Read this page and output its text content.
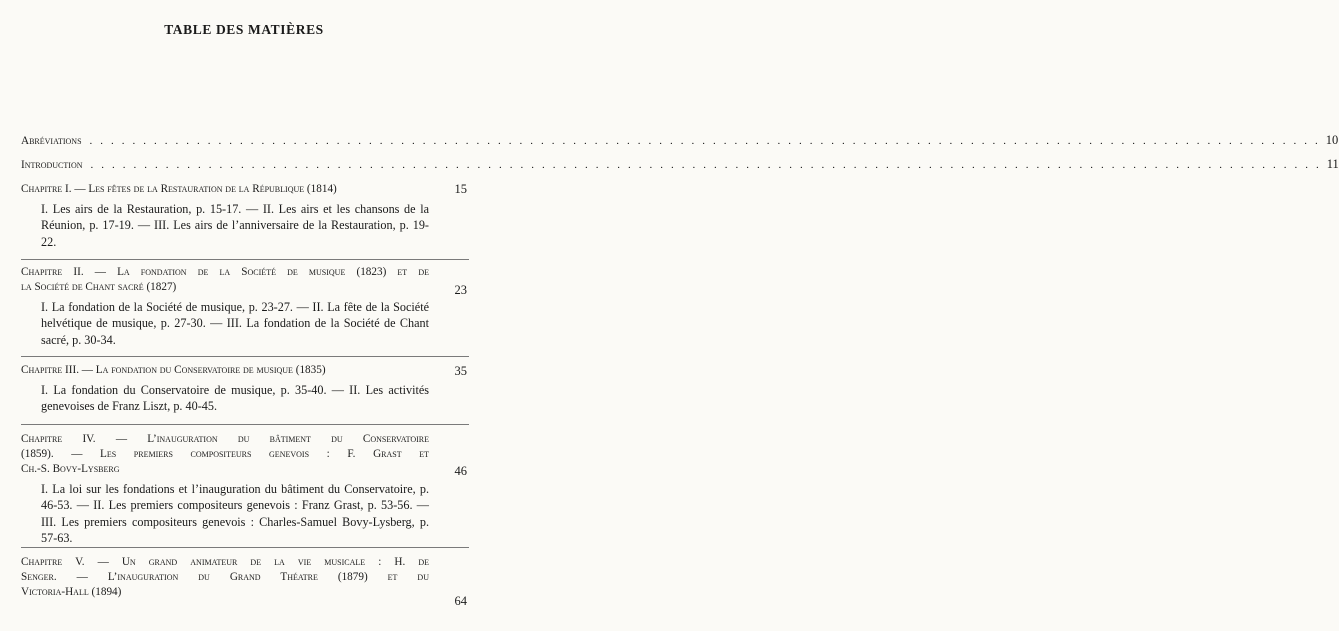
TABLE DES MATIÈRES
Abréviations ................................................................................................................... 10
Introduction ................................................................................................................... 11
15
Chapitre I. — Les fêtes de la Restauration de la République (1814)
I. Les airs de la Restauration, p. 15-17. — II. Les airs et les chansons de la Réunion, p. 17-19. — III. Les airs de l’anniversaire de la Restauration, p. 19-22.
23
Chapitre II. — La fondation de la Société de musique (1823) et de
la Société de Chant sacré (1827)
I. La fondation de la Société de musique, p. 23-27. — II. La fête de la Société helvétique de musique, p. 27-30. — III. La fondation de la Société de Chant sacré, p. 30-34.
35
Chapitre III. — La fondation du Conservatoire de musique (1835)
I. La fondation du Conservatoire de musique, p. 35-40. — II. Les activités genevoises de Franz Liszt, p. 40-45.
46
Chapitre IV. — L’inauguration du bâtiment du Conservatoire
(1859). — Les premiers compositeurs genevois : F. Grast et
Ch.-S. Bovy-Lysberg
I. La loi sur les fondations et l’inauguration du bâtiment du Conservatoire, p. 46-53. — II. Les premiers compositeurs genevois : Franz Grast, p. 53-56. — III. Les premiers compositeurs genevois : Charles-Samuel Bovy-Lysberg, p. 57-63.
64
Chapitre V. — Un grand animateur de la vie musicale : H. de
Senger. — L’inauguration du Grand Théatre (1879) et du
Victoria-Hall (1894)
